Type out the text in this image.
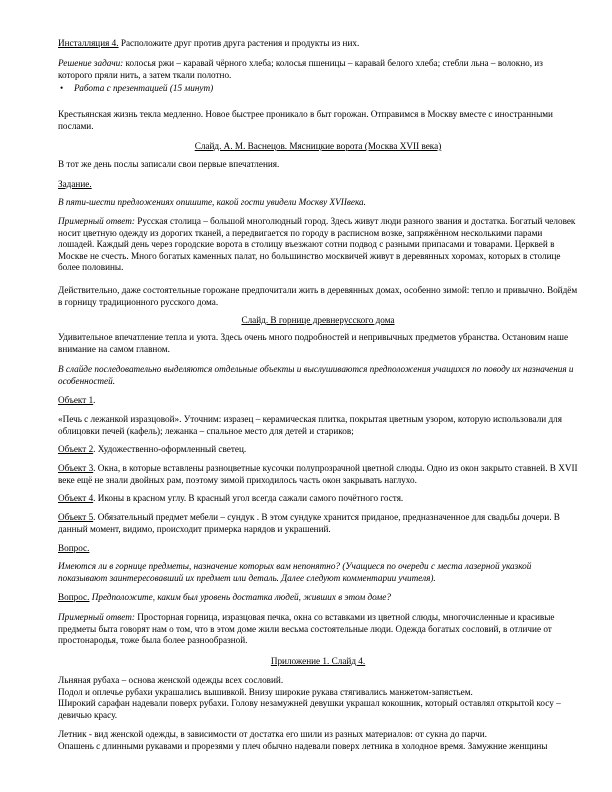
Инсталляция 4. Расположите друг против друга растения и продукты из них.

Решение задачи: колосья ржи – каравай чёрного хлеба; колосья пшеницы – каравай белого хлеба; стебли льна – волокно, из которого пряли нить, а затем ткали полотно.

•	Работа с презентацией (15 минут)

Крестьянская жизнь текла медленно. Новое быстрее проникало в быт горожан. Отправимся в Москву вместе с иностранными послами.

Слайд. А. М. Васнецов. Мясницкие ворота (Москва XVII века)

В тот же день послы записали свои первые впечатления.

Задание.

В пяти-шести предложениях опишите, какой гости увидели Москву XVIIвека.

Примерный ответ: Русская столица – большой многолюдный город. Здесь живут люди разного звания и достатка. Богатый человек носит цветную одежду из дорогих тканей, а передвигается по городу в расписном возке, запряжённом несколькими парами лошадей. Каждый день через городские ворота в столицу въезжают сотни подвод с разными припасами и товарами. Церквей в Москве не счесть. Много богатых каменных палат, но большинство москвичей живут в деревянных хоромах, которых в столице более половины.

Действительно, даже состоятельные горожане предпочитали жить в деревянных домах, особенно зимой: тепло и привычно. Войдём в горницу традиционного русского дома.

Слайд. В горнице древнерусского дома

Удивительное впечатление тепла и уюта. Здесь очень много подробностей и непривычных предметов убранства. Остановим наше внимание на самом главном.

В слайде последовательно выделяются отдельные объекты и выслушиваются предположения учащихся по поводу их назначения и особенностей.

Объект 1.

«Печь с лежанкой изразцовой». Уточним: изразец – керамическая плитка, покрытая цветным узором, которую использовали для облицовки печей (кафель); лежанка – спальное место для детей и стариков;

Объект 2. Художественно-оформленный светец.

Объект 3. Окна, в которые вставлены разноцветные кусочки полупрозрачной цветной слюды. Одно из окон закрыто ставней. В XVII веке ещё не знали двойных рам, поэтому зимой приходилось часть окон закрывать наглухо.

Объект 4. Иконы в красном углу. В красный угол всегда сажали самого почётного гостя.

Объект 5. Обязательный предмет мебели – сундук . В этом сундуке хранится приданое, предназначенное для свадьбы дочери. В данный момент, видимо, происходит примерка нарядов и украшений.

Вопрос.

Имеются ли в горнице предметы, назначение которых вам непонятно? (Учащиеся по очереди с места лазерной указкой показывают заинтересовавший их предмет или деталь. Далее следуют комментарии учителя).

Вопрос. Предположите, каким был уровень достатка людей, живших в этом доме?

Примерный ответ: Просторная горница, изразцовая печка, окна со вставками из цветной слюды, многочисленные и красивые предметы быта говорят нам о том, что в этом доме жили весьма состоятельные люди. Одежда богатых сословий, в отличие от простонародья, тоже была более разнообразной.

Приложение 1. Слайд 4.

Льняная рубаха – основа женской одежды всех сословий.
Подол и оплечье рубахи украшались вышивкой. Внизу широкие рукава стягивались манжетом-запястьем.
Широкий сарафан надевали поверх рубахи. Голову незамужней девушки украшал кокошник, который оставлял открытой косу – девичью красу.
Летник - вид женской одежды, в зависимости от достатка его шили из разных материалов: от сукна до парчи.
Опашень с длинными рукавами и прорезями у плеч обычно надевали поверх летника в холодное время. Замужние женщины
